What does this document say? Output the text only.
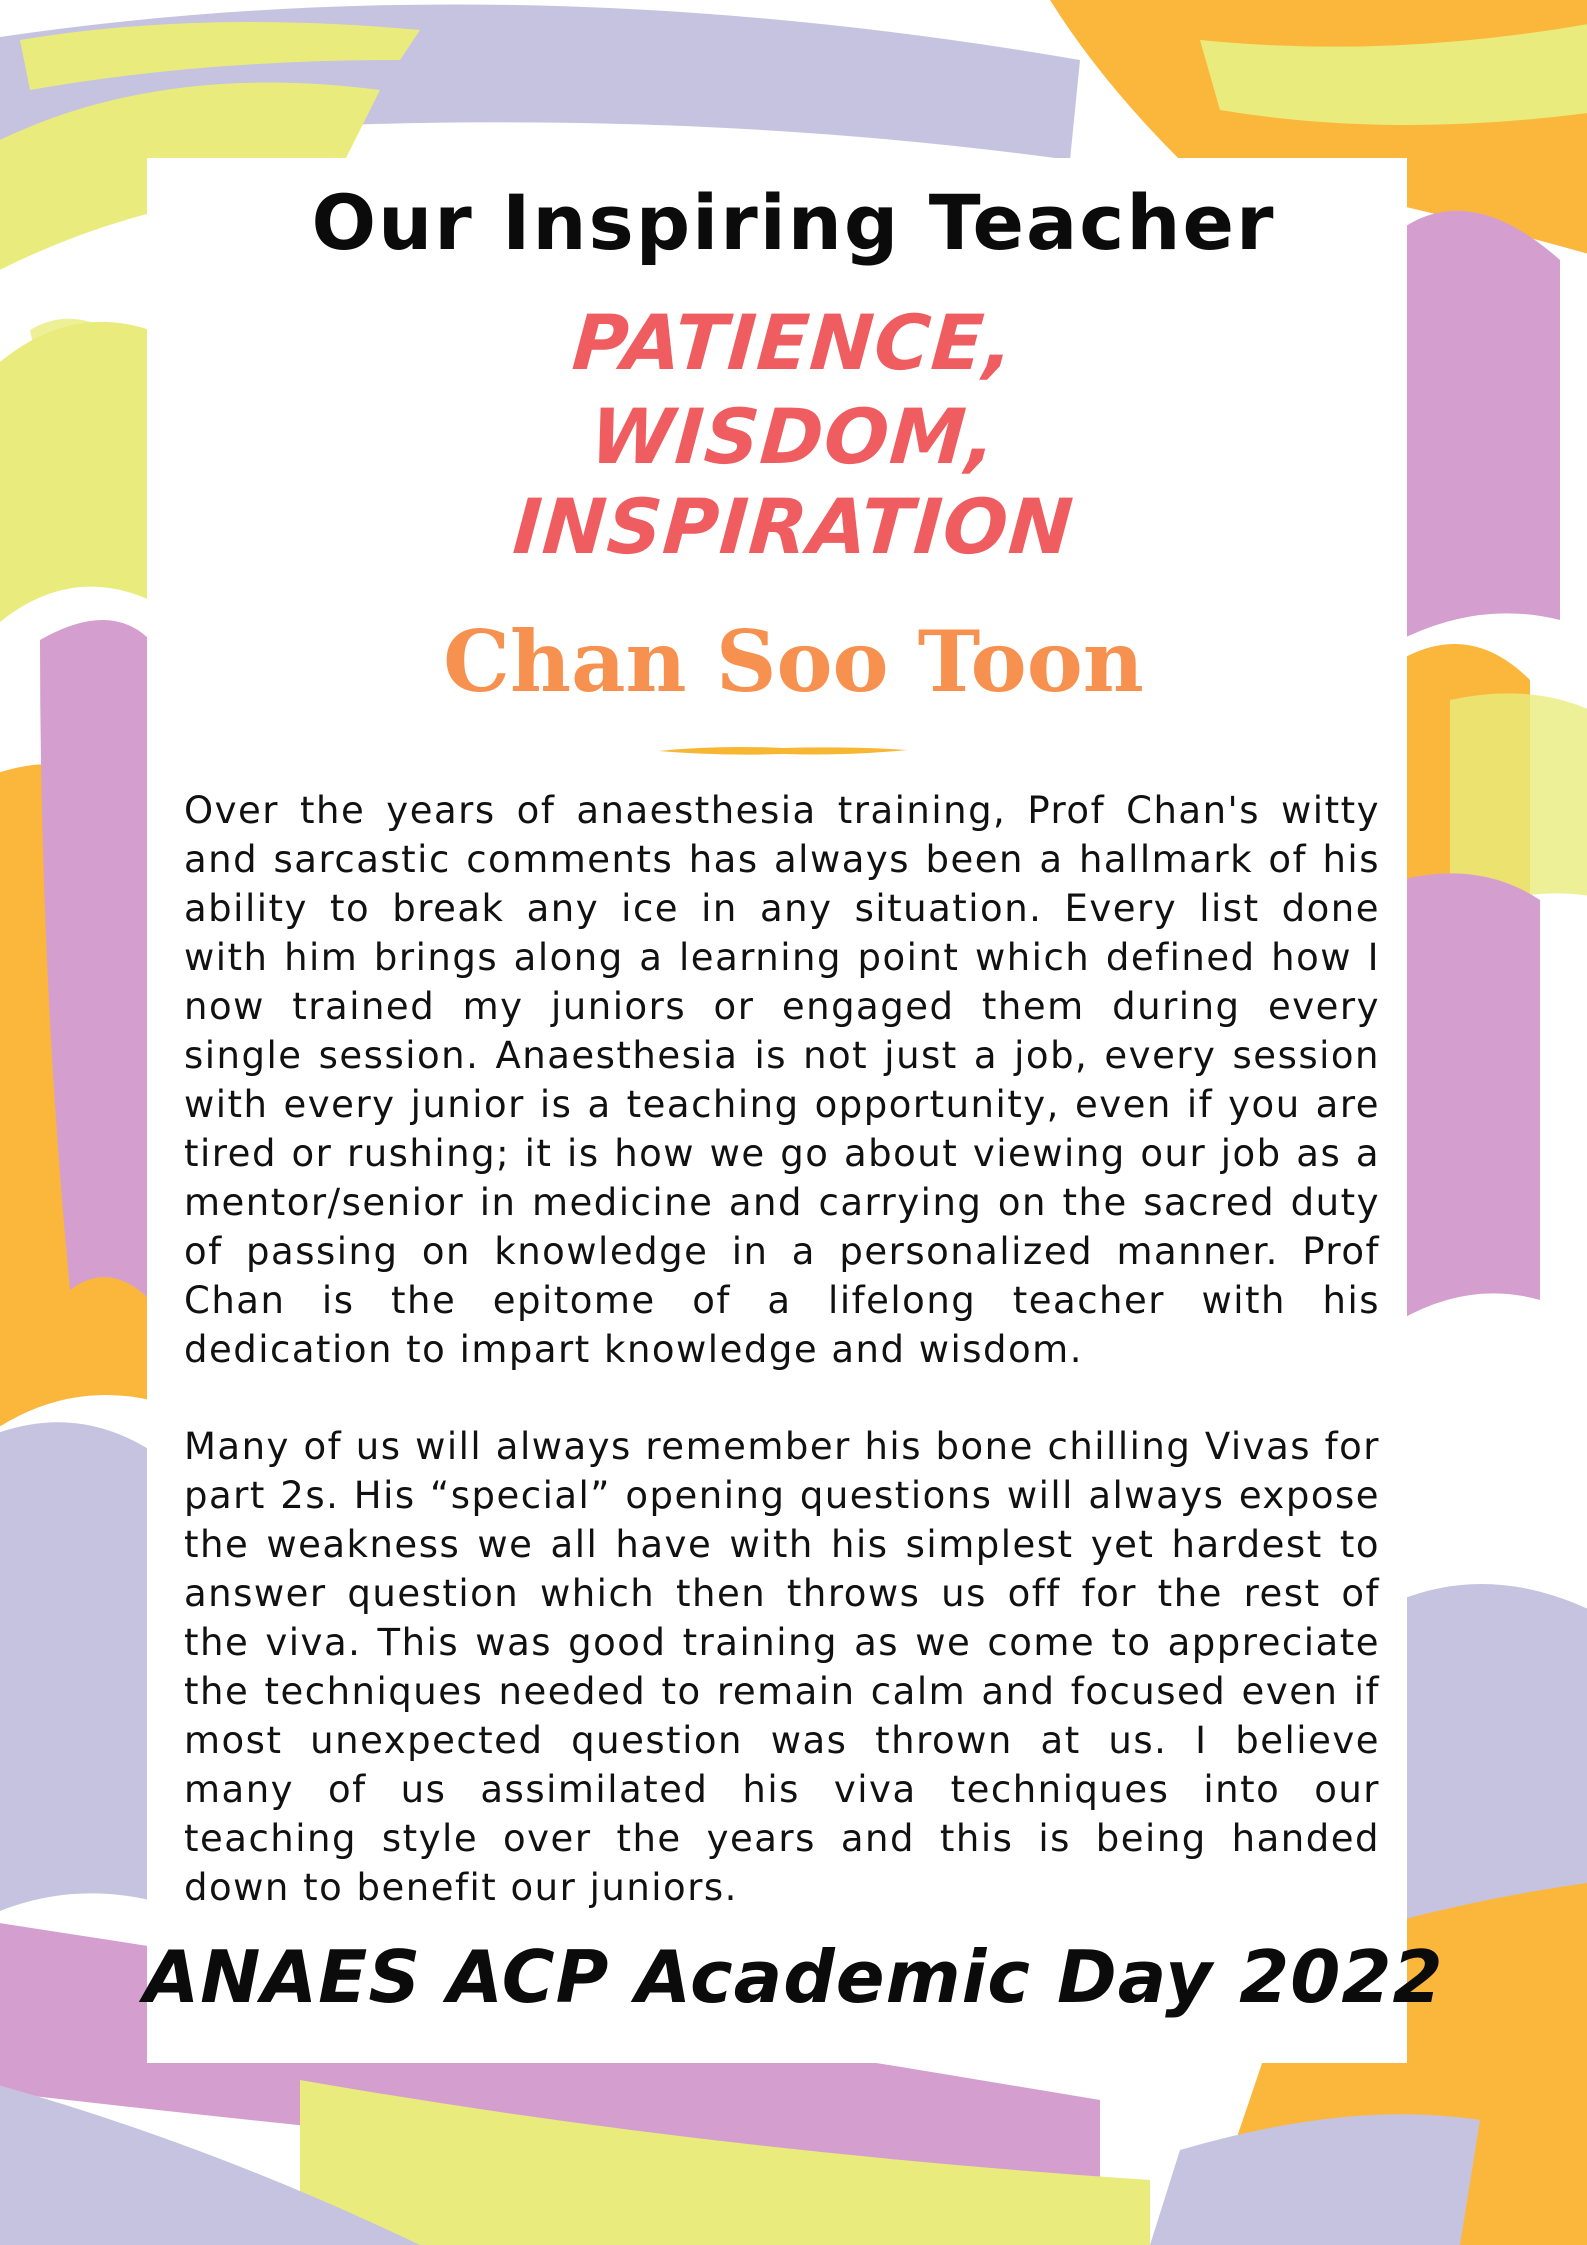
Our Inspiring Teacher
PATIENCE,
WISDOM,
INSPIRATION
Chan Soo Toon

Over the years of anaesthesia training, Prof Chan's witty and sarcastic comments has always been a hallmark of his ability to break any ice in any situation. Every list done with him brings along a learning point which defined how I now trained my juniors or engaged them during every single session. Anaesthesia is not just a job, every session with every junior is a teaching opportunity, even if you are tired or rushing; it is how we go about viewing our job as a mentor/senior in medicine and carrying on the sacred duty of passing on knowledge in a personalized manner. Prof Chan is the epitome of a lifelong teacher with his dedication to impart knowledge and wisdom.

Many of us will always remember his bone chilling Vivas for part 2s. His “special” opening questions will always expose the weakness we all have with his simplest yet hardest to answer question which then throws us off for the rest of the viva. This was good training as we come to appreciate the techniques needed to remain calm and focused even if most unexpected question was thrown at us. I believe many of us assimilated his viva techniques into our teaching style over the years and this is being handed down to benefit our juniors.

ANAES ACP Academic Day 2022
